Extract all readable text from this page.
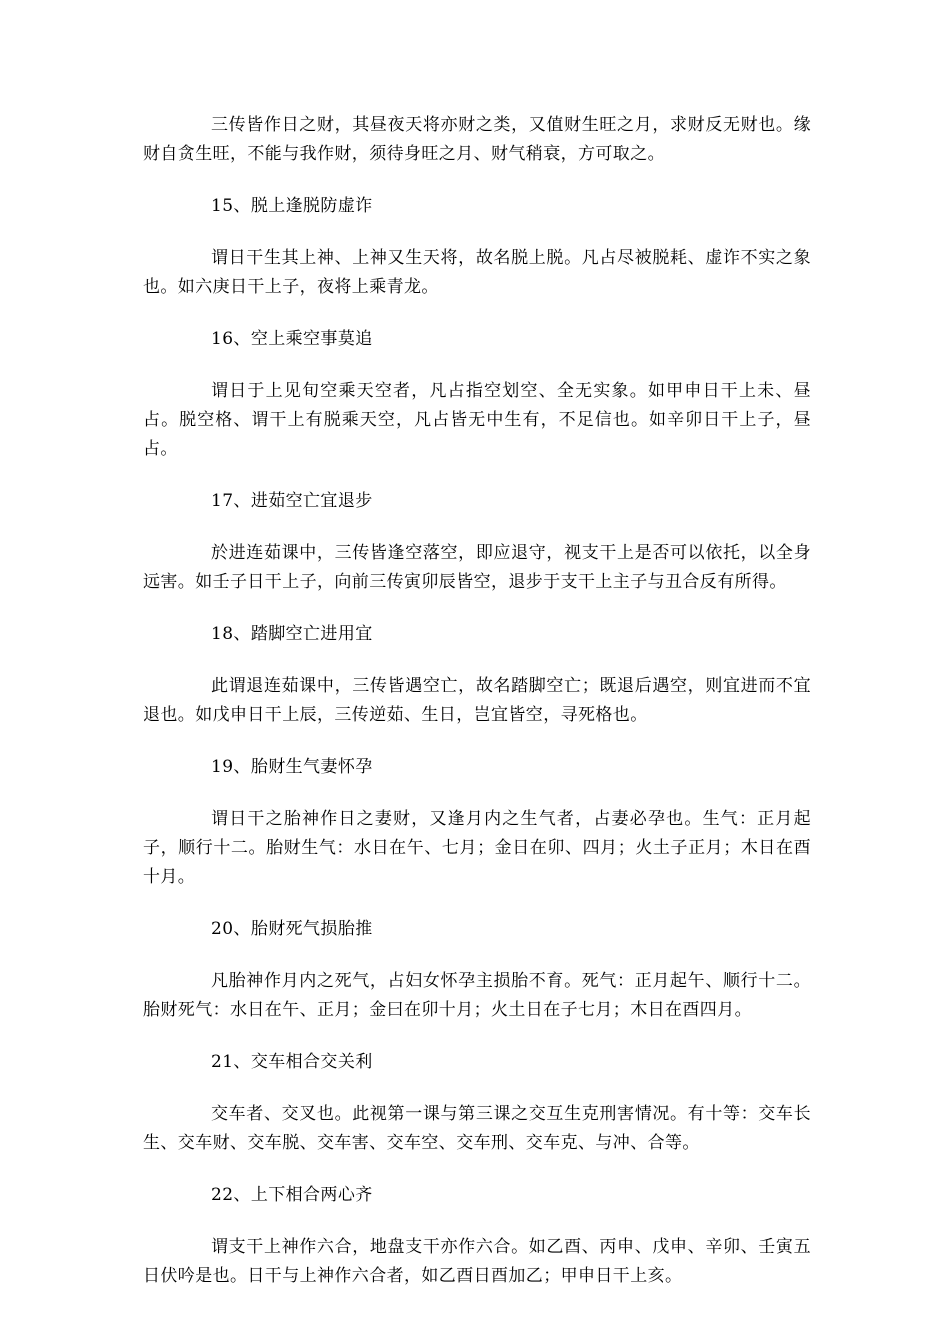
三传皆作日之财，其昼夜天将亦财之类，又值财生旺之月，求财反无财也。缘财自贪生旺，不能与我作财，须待身旺之月、财气稍衰，方可取之。

15、脱上逢脱防虚诈

谓日干生其上神、上神又生天将，故名脱上脱。凡占尽被脱耗、虚诈不实之象也。如六庚日干上子，夜将上乘青龙。

16、空上乘空事莫追

谓日于上见旬空乘天空者，凡占指空划空、全无实象。如甲申日干上未、昼占。脱空格、谓干上有脱乘天空，凡占皆无中生有，不足信也。如辛卯日干上子，昼占。

17、进茹空亡宜退步

於进连茹课中，三传皆逢空落空，即应退守，视支干上是否可以依托，以全身远害。如壬子日干上子，向前三传寅卯辰皆空，退步于支干上主子与丑合反有所得。

18、踏脚空亡进用宜

此谓退连茹课中，三传皆遇空亡，故名踏脚空亡；既退后遇空，则宜进而不宜退也。如戊申日干上辰，三传逆茹、生日，岂宜皆空，寻死格也。

19、胎财生气妻怀孕

谓日干之胎神作日之妻财，又逢月内之生气者，占妻必孕也。生气：正月起子，顺行十二。胎财生气：水日在午、七月；金日在卯、四月；火土子正月；木日在酉十月。

20、胎财死气损胎推

凡胎神作月内之死气，占妇女怀孕主损胎不育。死气：正月起午、顺行十二。胎财死气：水日在午、正月；金曰在卯十月；火土日在子七月；木日在酉四月。

21、交车相合交关利

交车者、交叉也。此视第一课与第三课之交互生克刑害情况。有十等：交车长生、交车财、交车脱、交车害、交车空、交车刑、交车克、与冲、合等。

22、上下相合两心齐

谓支干上神作六合，地盘支干亦作六合。如乙酉、丙申、戊申、辛卯、壬寅五日伏吟是也。日干与上神作六合者，如乙酉日酉加乙；甲申日干上亥。
